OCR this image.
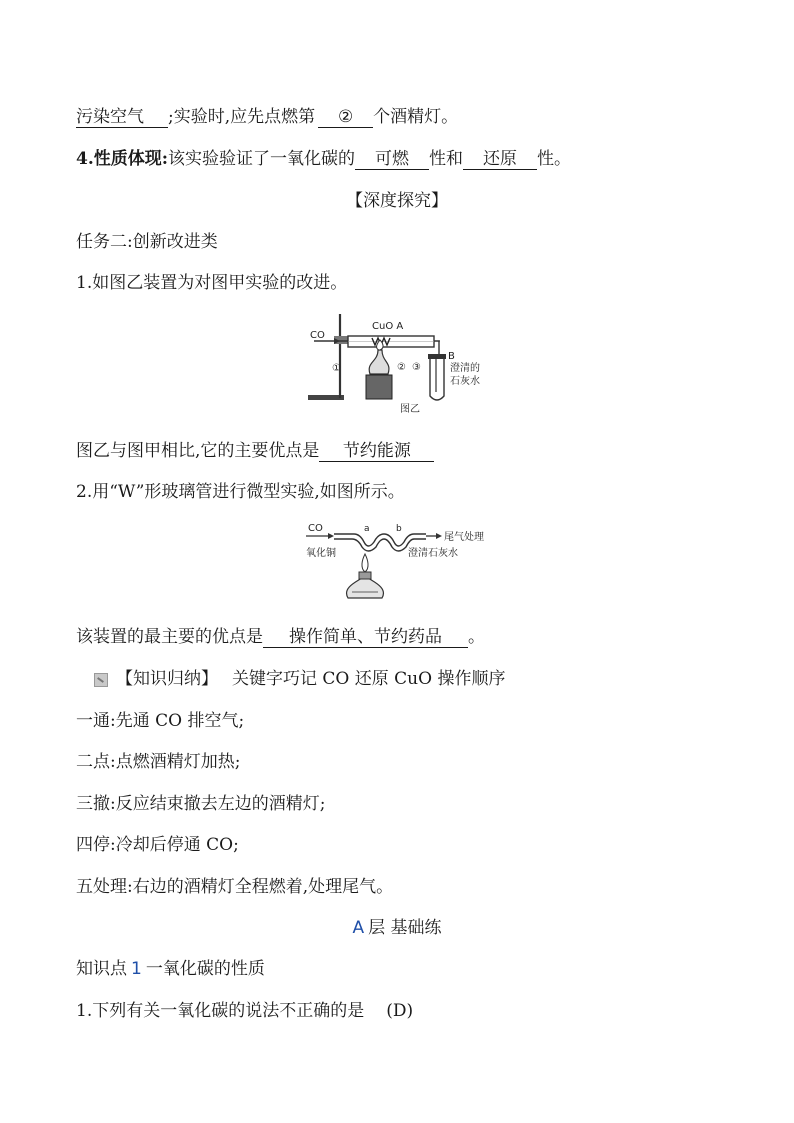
污染空气 ;实验时,应先点燃第 ② 个酒精灯。
4.性质体现:该实验验证了一氧化碳的 可燃 性和 还原 性。
【深度探究】
任务二:创新改进类
1.如图乙装置为对图甲实验的改进。
CO
CuO A
①	② ③
B
澄清的
石灰水
图乙
图乙与图甲相比,它的主要优点是 节约能源
2.用“W”形玻璃管进行微型实验,如图所示。
CO	a	b
尾气处理
氧化铜	澄清石灰水
该装置的最主要的优点是 操作简单、节约药品 。
【知识归纳】 关键字巧记 CO 还原 CuO 操作顺序
一通:先通 CO 排空气;
二点:点燃酒精灯加热;
三撤:反应结束撤去左边的酒精灯;
四停:冷却后停通 CO;
五处理:右边的酒精灯全程燃着,处理尾气。
A 层 基础练
知识点 1 一氧化碳的性质
1.下列有关一氧化碳的说法不正确的是 (D)
